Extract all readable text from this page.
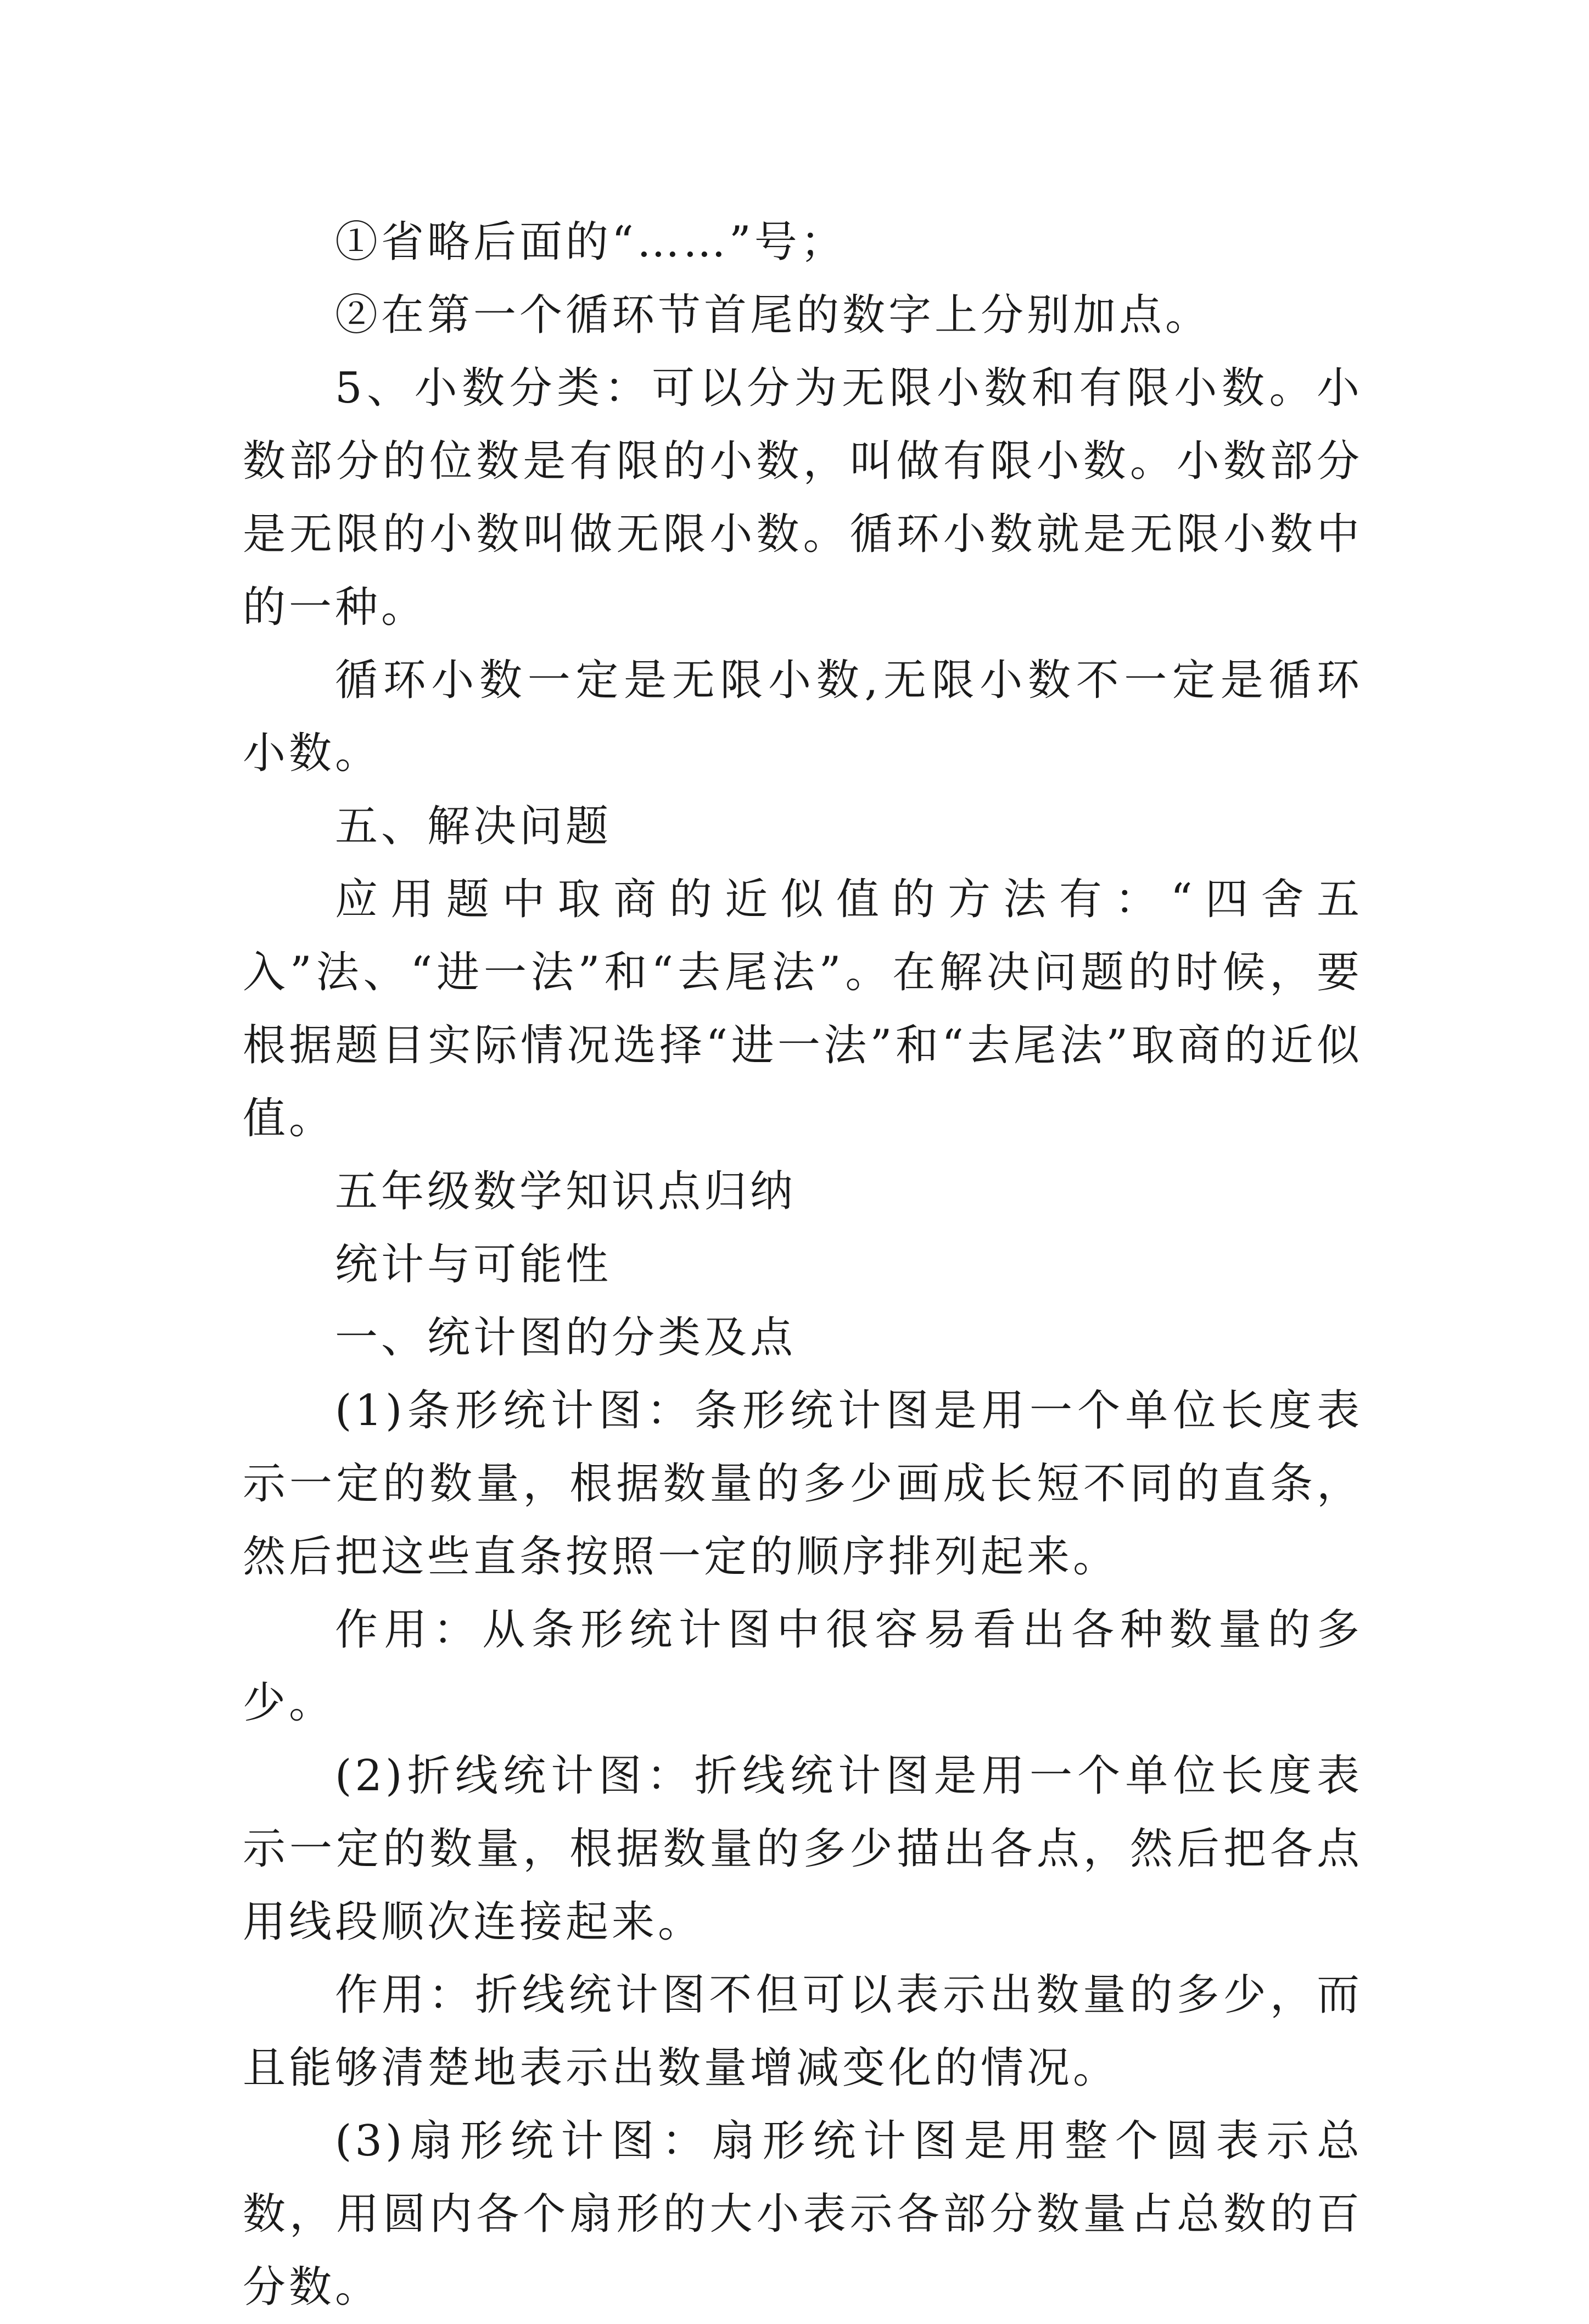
①省略后面的“……”号；

②在第一个循环节首尾的数字上分别加点。

5、小数分类：可以分为无限小数和有限小数。小数部分的位数是有限的小数，叫做有限小数。小数部分是无限的小数叫做无限小数。循环小数就是无限小数中的一种。

循环小数一定是无限小数,无限小数不一定是循环小数。

五、解决问题

应用题中取商的近似值的方法有：“四舍五入”法、“进一法”和“去尾法”。在解决问题的时候，要根据题目实际情况选择“进一法”和“去尾法”取商的近似值。

五年级数学知识点归纳

统计与可能性

一、统计图的分类及点

(1)条形统计图：条形统计图是用一个单位长度表示一定的数量，根据数量的多少画成长短不同的直条，然后把这些直条按照一定的顺序排列起来。

作用：从条形统计图中很容易看出各种数量的多少。

(2)折线统计图：折线统计图是用一个单位长度表示一定的数量，根据数量的多少描出各点，然后把各点用线段顺次连接起来。

作用：折线统计图不但可以表示出数量的多少，而且能够清楚地表示出数量增减变化的情况。

(3)扇形统计图：扇形统计图是用整个圆表示总数，用圆内各个扇形的大小表示各部分数量占总数的百分数。
